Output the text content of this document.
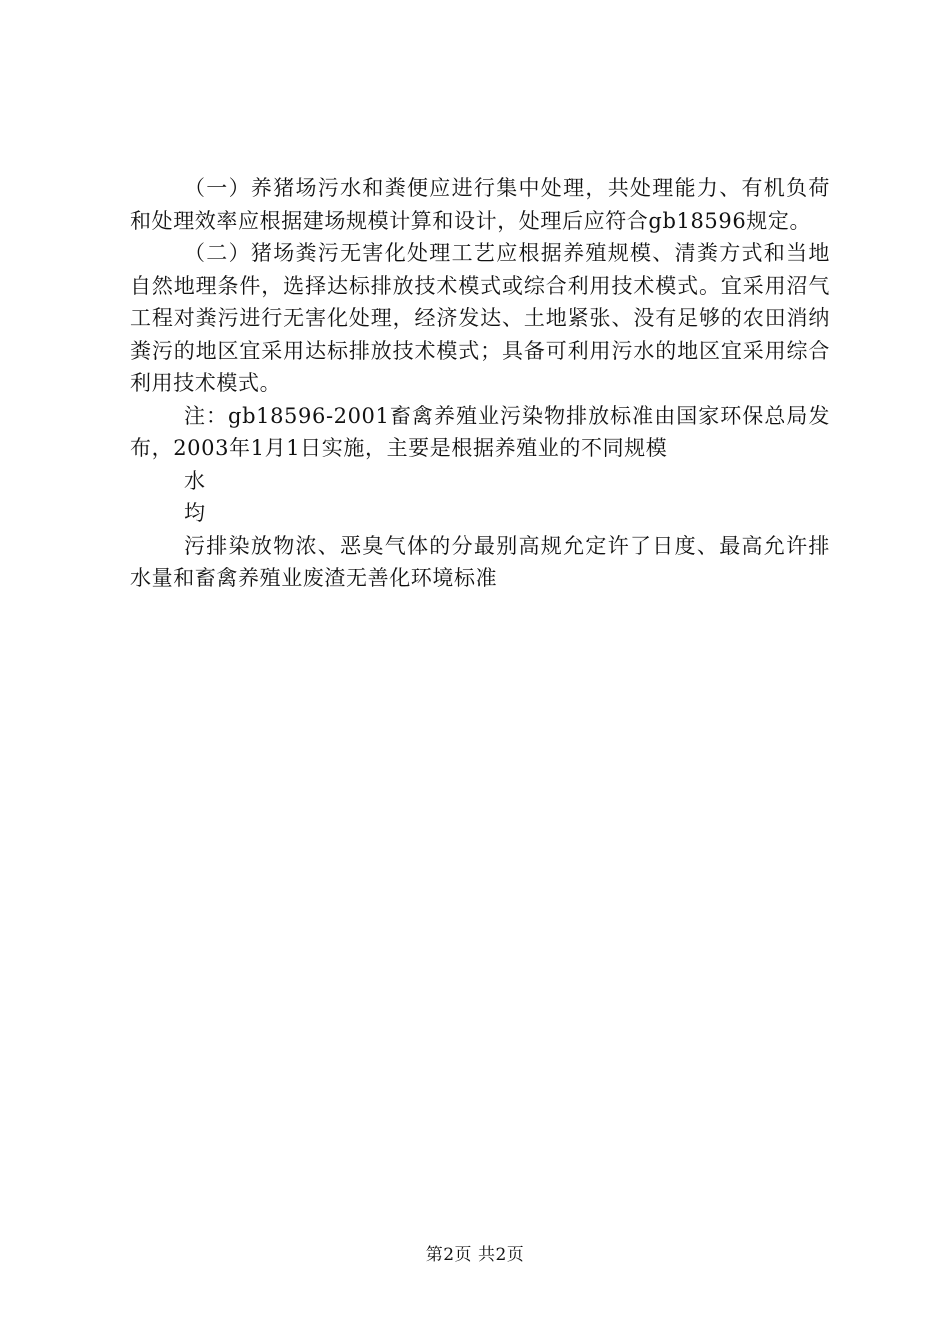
（一）养猪场污水和粪便应进行集中处理，共处理能力、有机负荷和处理效率应根据建场规模计算和设计，处理后应符合gb18596规定。

（二）猪场粪污无害化处理工艺应根据养殖规模、清粪方式和当地自然地理条件，选择达标排放技术模式或综合利用技术模式。宜采用沼气工程对粪污进行无害化处理，经济发达、土地紧张、没有足够的农田消纳粪污的地区宜采用达标排放技术模式；具备可利用污水的地区宜采用综合利用技术模式。

注：gb18596-2001畜禽养殖业污染物排放标准由国家环保总局发布，2003年1月1日实施，主要是根据养殖业的不同规模

水

均

污排染放物浓、恶臭气体的分最别高规允定许了日度、最高允许排水量和畜禽养殖业废渣无善化环境标准

第2页 共2页
